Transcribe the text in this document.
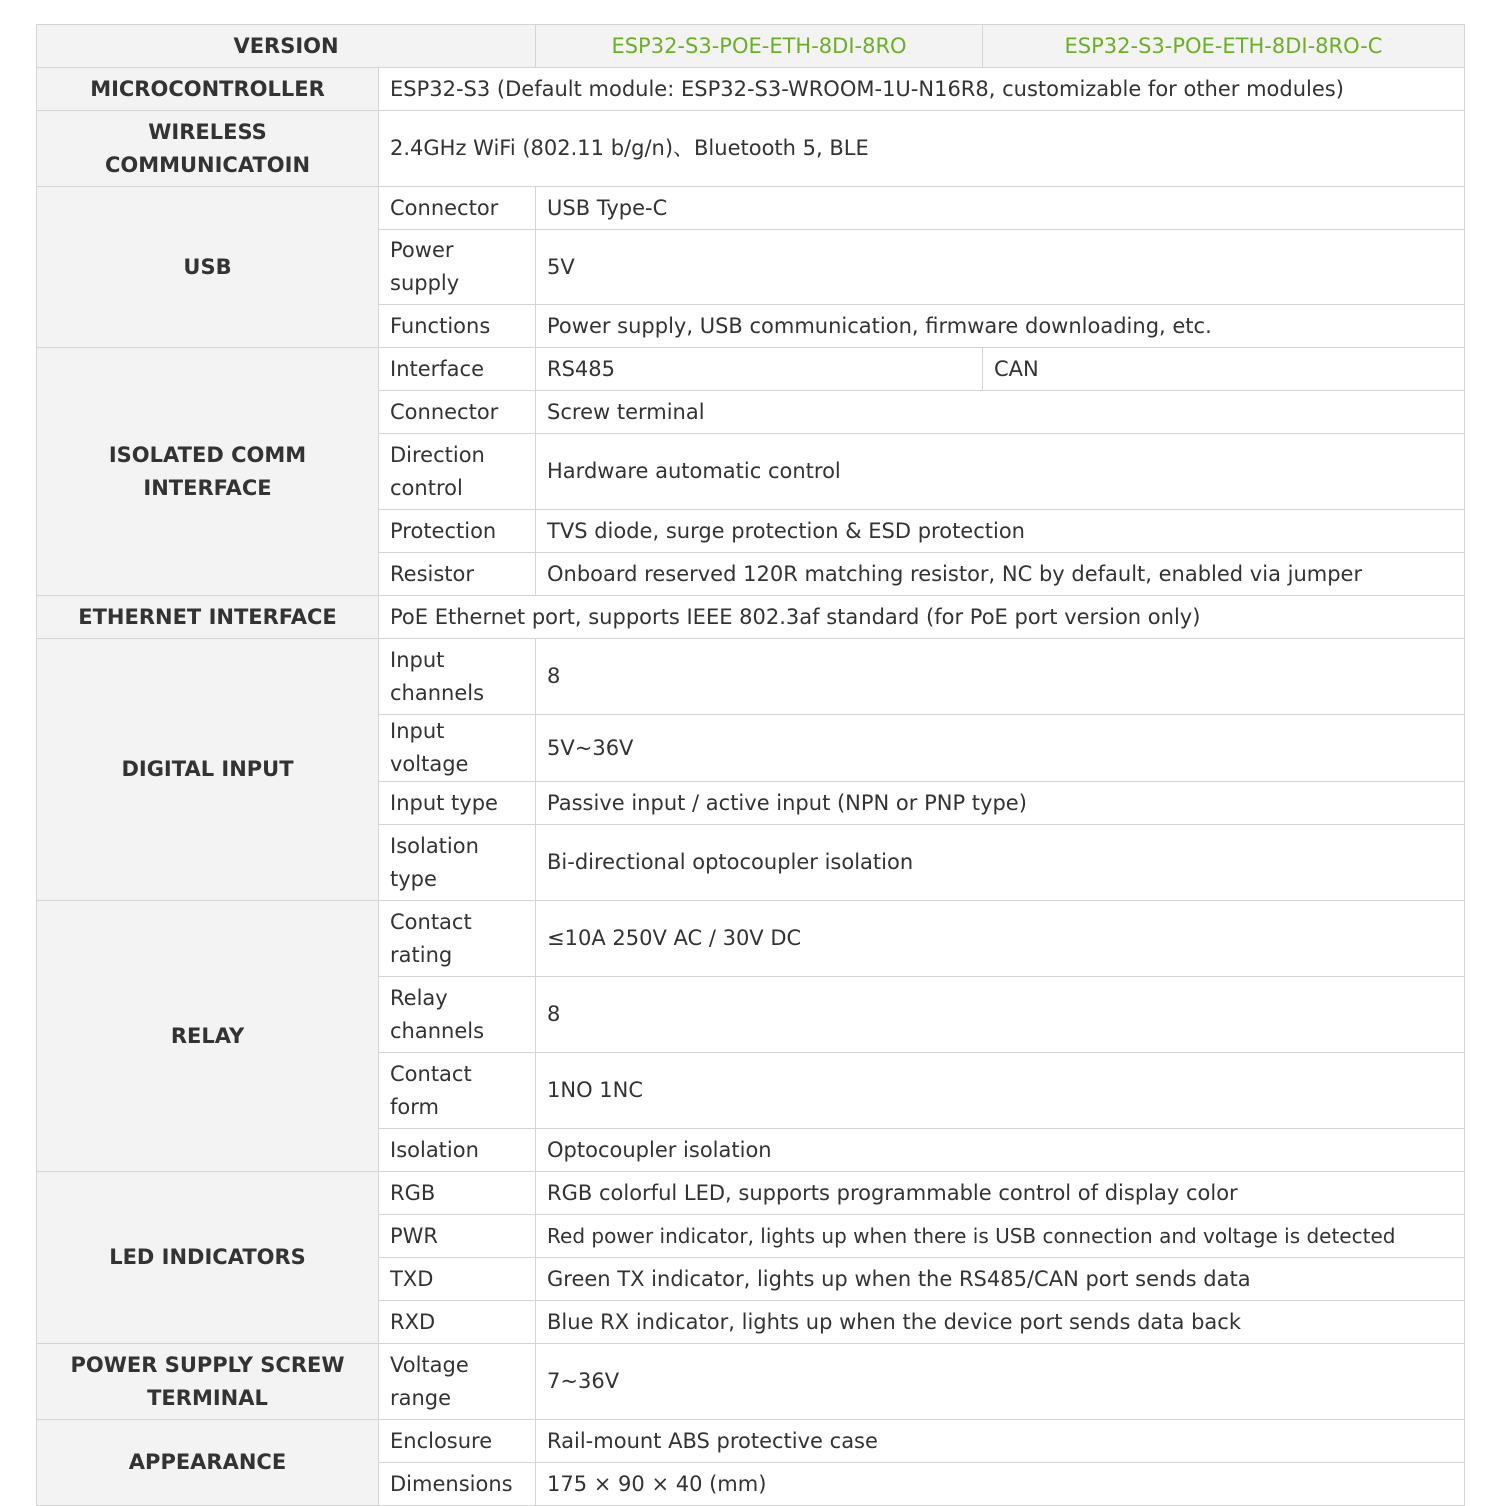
VERSION		ESP32-S3-POE-ETH-8DI-8RO	ESP32-S3-POE-ETH-8DI-8RO-C
MICROCONTROLLER	ESP32-S3 (Default module: ESP32-S3-WROOM-1U-N16R8, customizable for other modules)		
WIRELESS COMMUNICATOIN	2.4GHz WiFi (802.11 b/g/n)、Bluetooth 5, BLE		
USB	Connector	USB Type-C	
	Power supply	5V	
	Functions	Power supply, USB communication, firmware downloading, etc.	
ISOLATED COMM INTERFACE	Interface	RS485	CAN
	Connector	Screw terminal	
	Direction control	Hardware automatic control	
	Protection	TVS diode, surge protection & ESD protection	
	Resistor	Onboard reserved 120R matching resistor, NC by default, enabled via jumper	
ETHERNET INTERFACE	PoE Ethernet port, supports IEEE 802.3af standard (for PoE port version only)		
DIGITAL INPUT	Input channels	8	
	Input voltage	5V~36V	
	Input type	Passive input / active input (NPN or PNP type)	
	Isolation type	Bi-directional optocoupler isolation	
RELAY	Contact rating	≤10A 250V AC / 30V DC	
	Relay channels	8	
	Contact form	1NO 1NC	
	Isolation	Optocoupler isolation	
LED INDICATORS	RGB	RGB colorful LED, supports programmable control of display color	
	PWR	Red power indicator, lights up when there is USB connection and voltage is detected	
	TXD	Green TX indicator, lights up when the RS485/CAN port sends data	
	RXD	Blue RX indicator, lights up when the device port sends data back	
POWER SUPPLY SCREW TERMINAL	Voltage range	7~36V	
APPEARANCE	Enclosure	Rail-mount ABS protective case	
	Dimensions	175 × 90 × 40 (mm)	
